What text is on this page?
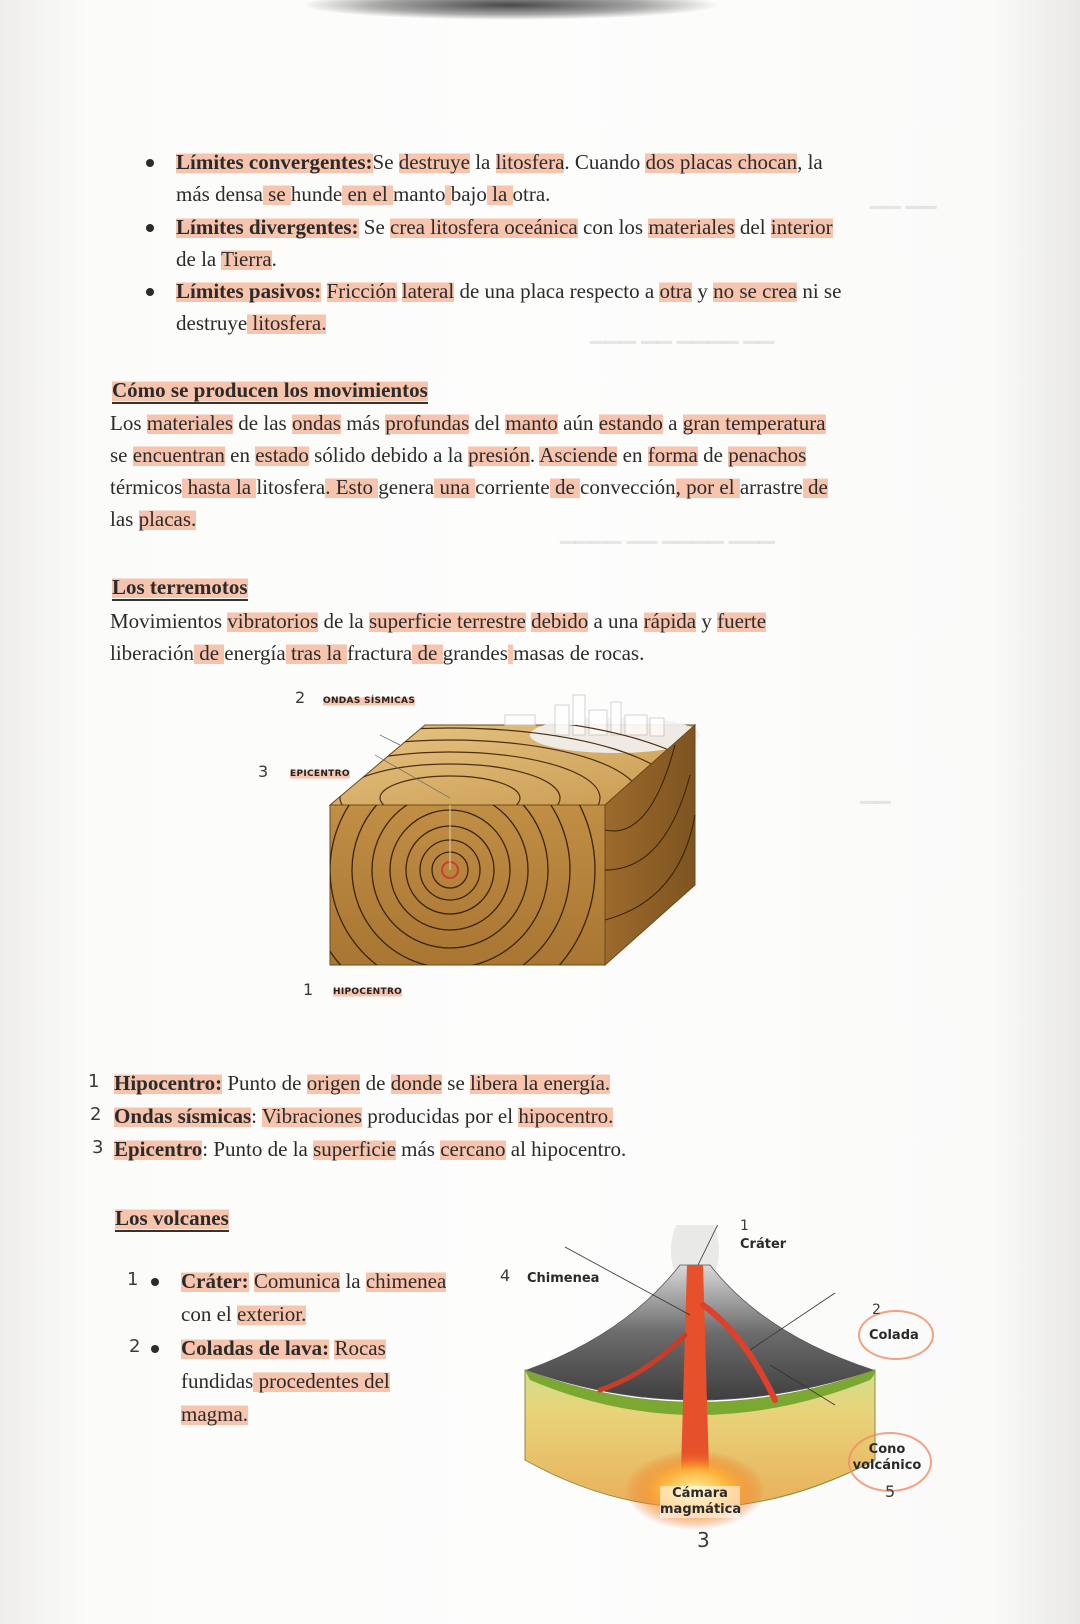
▁▁ ▁▁
▁▁▁ ▁▁ ▁▁▁▁ ▁▁
▁▁▁▁ ▁▁ ▁▁▁▁ ▁▁▁
▁▁
Límites convergentes:Se destruye la litosfera. Cuando dos placas chocan, la
más densa se hunde en el manto bajo la otra.
Límites divergentes: Se crea litosfera oceánica con los materiales del interior
de la Tierra.
Límites pasivos: Fricción lateral de una placa respecto a otra y no se crea ni se
destruye litosfera.
Cómo se producen los movimientos
Los materiales de las ondas más profundas del manto aún estando a gran temperatura
se encuentran en estado sólido debido a la presión. Asciende en forma de penachos
térmicos hasta la litosfera. Esto genera una corriente de convección, por el arrastre de
las placas.
Los terremotos
Movimientos vibratorios de la superficie terrestre debido a una rápida y fuerte
liberación de energía tras la fractura de grandes masas de rocas.
2 ONDAS SÍSMICAS
3 EPICENTRO
1 HIPOCENTRO
1 Hipocentro: Punto de origen de donde se libera la energía.
2 Ondas sísmicas: Vibraciones producidas por el hipocentro.
3 Epicentro: Punto de la superficie más cercano al hipocentro.
Los volcanes
1 Cráter: Comunica la chimenea
con el exterior.
2 Coladas de lava: Rocas
fundidas procedentes del
magma.
1
Cráter
4 Chimenea
2
Colada
Cono volcánico
5
Cámara magmática
3
